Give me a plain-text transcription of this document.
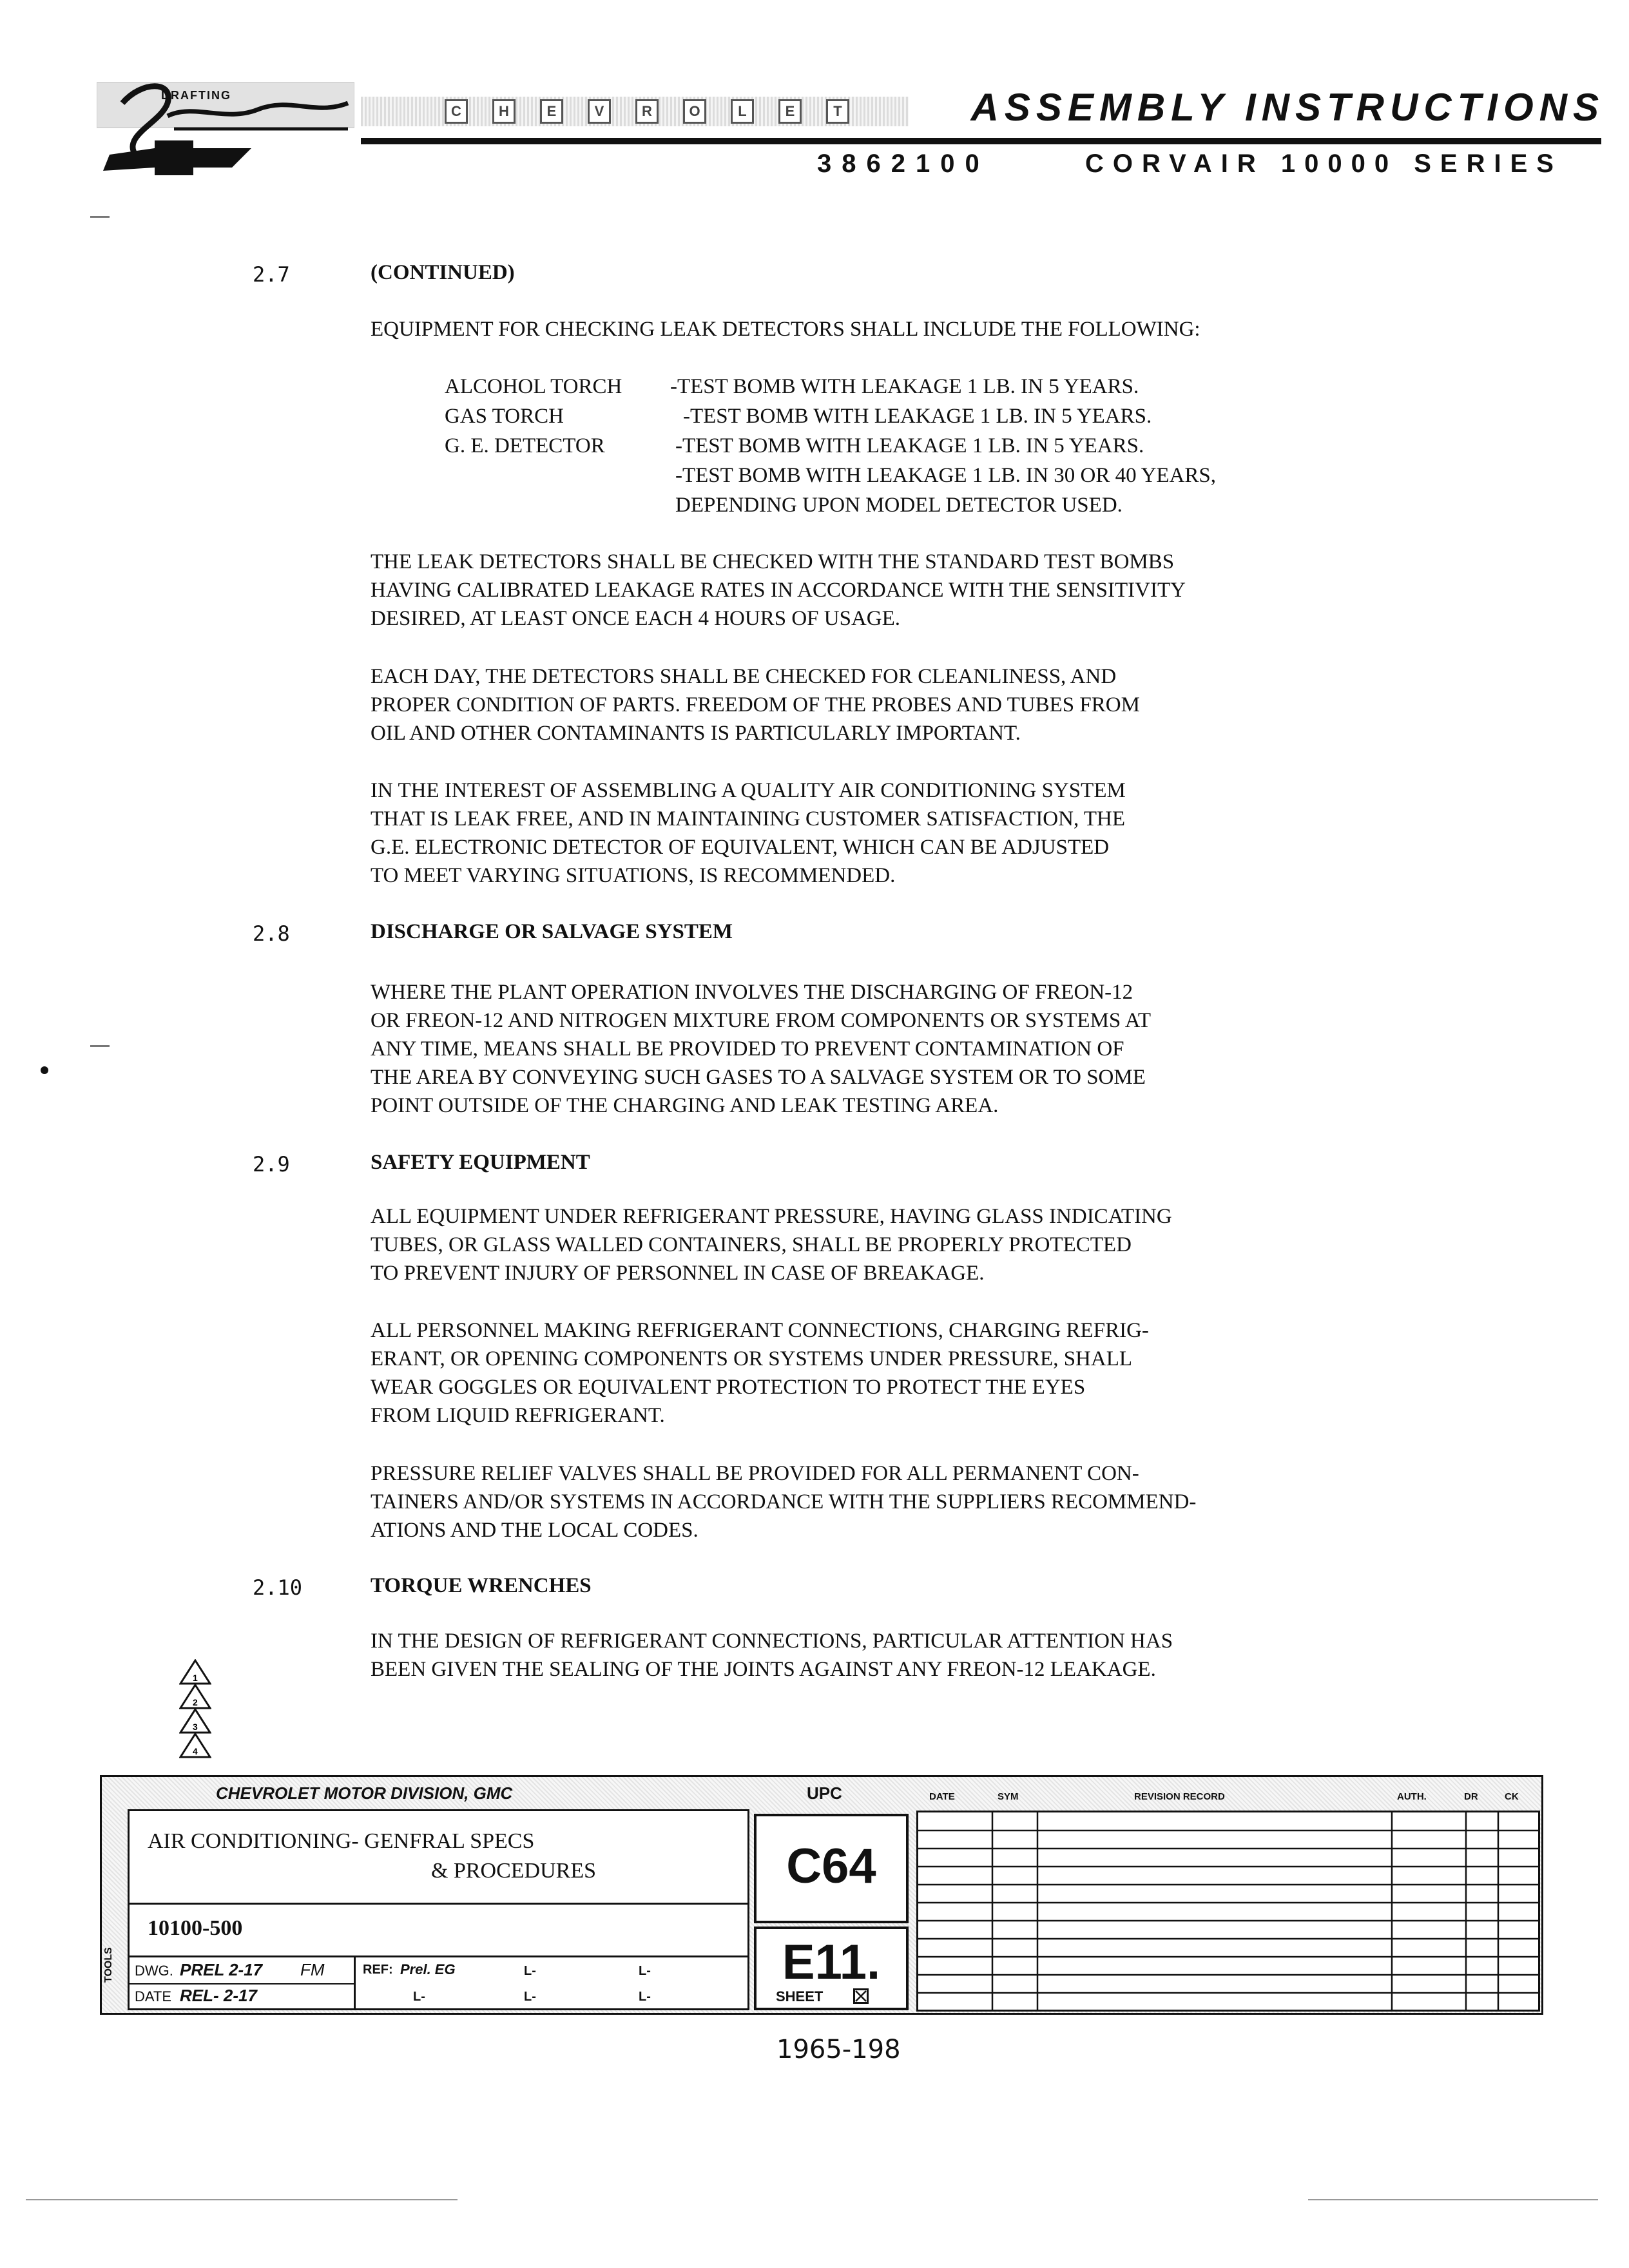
DRAFTING
C	H	E	V	R	O	L	E	T	ASSEMBLY INSTRUCTIONS
3862100	CORVAIR 10000 SERIES
2.7	(CONTINUED)
EQUIPMENT FOR CHECKING LEAK DETECTORS SHALL INCLUDE THE FOLLOWING:
ALCOHOL TORCH -TEST BOMB WITH LEAKAGE 1 LB. IN 5 YEARS.
GAS TORCH	-TEST BOMB WITH LEAKAGE 1 LB. IN 5 YEARS.
G. E. DETECTOR	-TEST BOMB WITH LEAKAGE 1 LB. IN 5 YEARS.
-TEST BOMB WITH LEAKAGE 1 LB. IN 30 OR 40 YEARS,
DEPENDING UPON MODEL DETECTOR USED.
THE LEAK DETECTORS SHALL BE CHECKED WITH THE STANDARD TEST BOMBS
HAVING CALIBRATED LEAKAGE RATES IN ACCORDANCE WITH THE SENSITIVITY
DESIRED, AT LEAST ONCE EACH 4 HOURS OF USAGE.
EACH DAY, THE DETECTORS SHALL BE CHECKED FOR CLEANLINESS, AND
PROPER CONDITION OF PARTS. FREEDOM OF THE PROBES AND TUBES FROM
OIL AND OTHER CONTAMINANTS IS PARTICULARLY IMPORTANT.
IN THE INTEREST OF ASSEMBLING A QUALITY AIR CONDITIONING SYSTEM
THAT IS LEAK FREE, AND IN MAINTAINING CUSTOMER SATISFACTION, THE
G.E. ELECTRONIC DETECTOR OF EQUIVALENT, WHICH CAN BE ADJUSTED
TO MEET VARYING SITUATIONS, IS RECOMMENDED.
2.8	DISCHARGE OR SALVAGE SYSTEM
WHERE THE PLANT OPERATION INVOLVES THE DISCHARGING OF FREON-12
OR FREON-12 AND NITROGEN MIXTURE FROM COMPONENTS OR SYSTEMS AT
ANY TIME, MEANS SHALL BE PROVIDED TO PREVENT CONTAMINATION OF
THE AREA BY CONVEYING SUCH GASES TO A SALVAGE SYSTEM OR TO SOME
POINT OUTSIDE OF THE CHARGING AND LEAK TESTING AREA.
2.9	SAFETY EQUIPMENT
ALL EQUIPMENT UNDER REFRIGERANT PRESSURE, HAVING GLASS INDICATING
TUBES, OR GLASS WALLED CONTAINERS, SHALL BE PROPERLY PROTECTED
TO PREVENT INJURY OF PERSONNEL IN CASE OF BREAKAGE.
ALL PERSONNEL MAKING REFRIGERANT CONNECTIONS, CHARGING REFRIG-
ERANT, OR OPENING COMPONENTS OR SYSTEMS UNDER PRESSURE, SHALL
WEAR GOGGLES OR EQUIVALENT PROTECTION TO PROTECT THE EYES
FROM LIQUID REFRIGERANT.
PRESSURE RELIEF VALVES SHALL BE PROVIDED FOR ALL PERMANENT CON-
TAINERS AND/OR SYSTEMS IN ACCORDANCE WITH THE SUPPLIERS RECOMMEND-
ATIONS AND THE LOCAL CODES.
2.10	TORQUE WRENCHES
IN THE DESIGN OF REFRIGERANT CONNECTIONS, PARTICULAR ATTENTION HAS
BEEN GIVEN THE SEALING OF THE JOINTS AGAINST ANY FREON-12 LEAKAGE.
1
2
3
4
CHEVROLET MOTOR DIVISION, GMC	UPC	DATE	SYM	REVISION RECORD	AUTH.	DR	CK
TOOLS
AIR CONDITIONING- GENFRAL SPECS
& PROCEDURES
10100-500
DWG. PREL 2-17 FM
DATE REL- 2-17
REF: Prel. EG	L-	L-
L-	L-	L-
C64
E11.
SHEET
1965-198
